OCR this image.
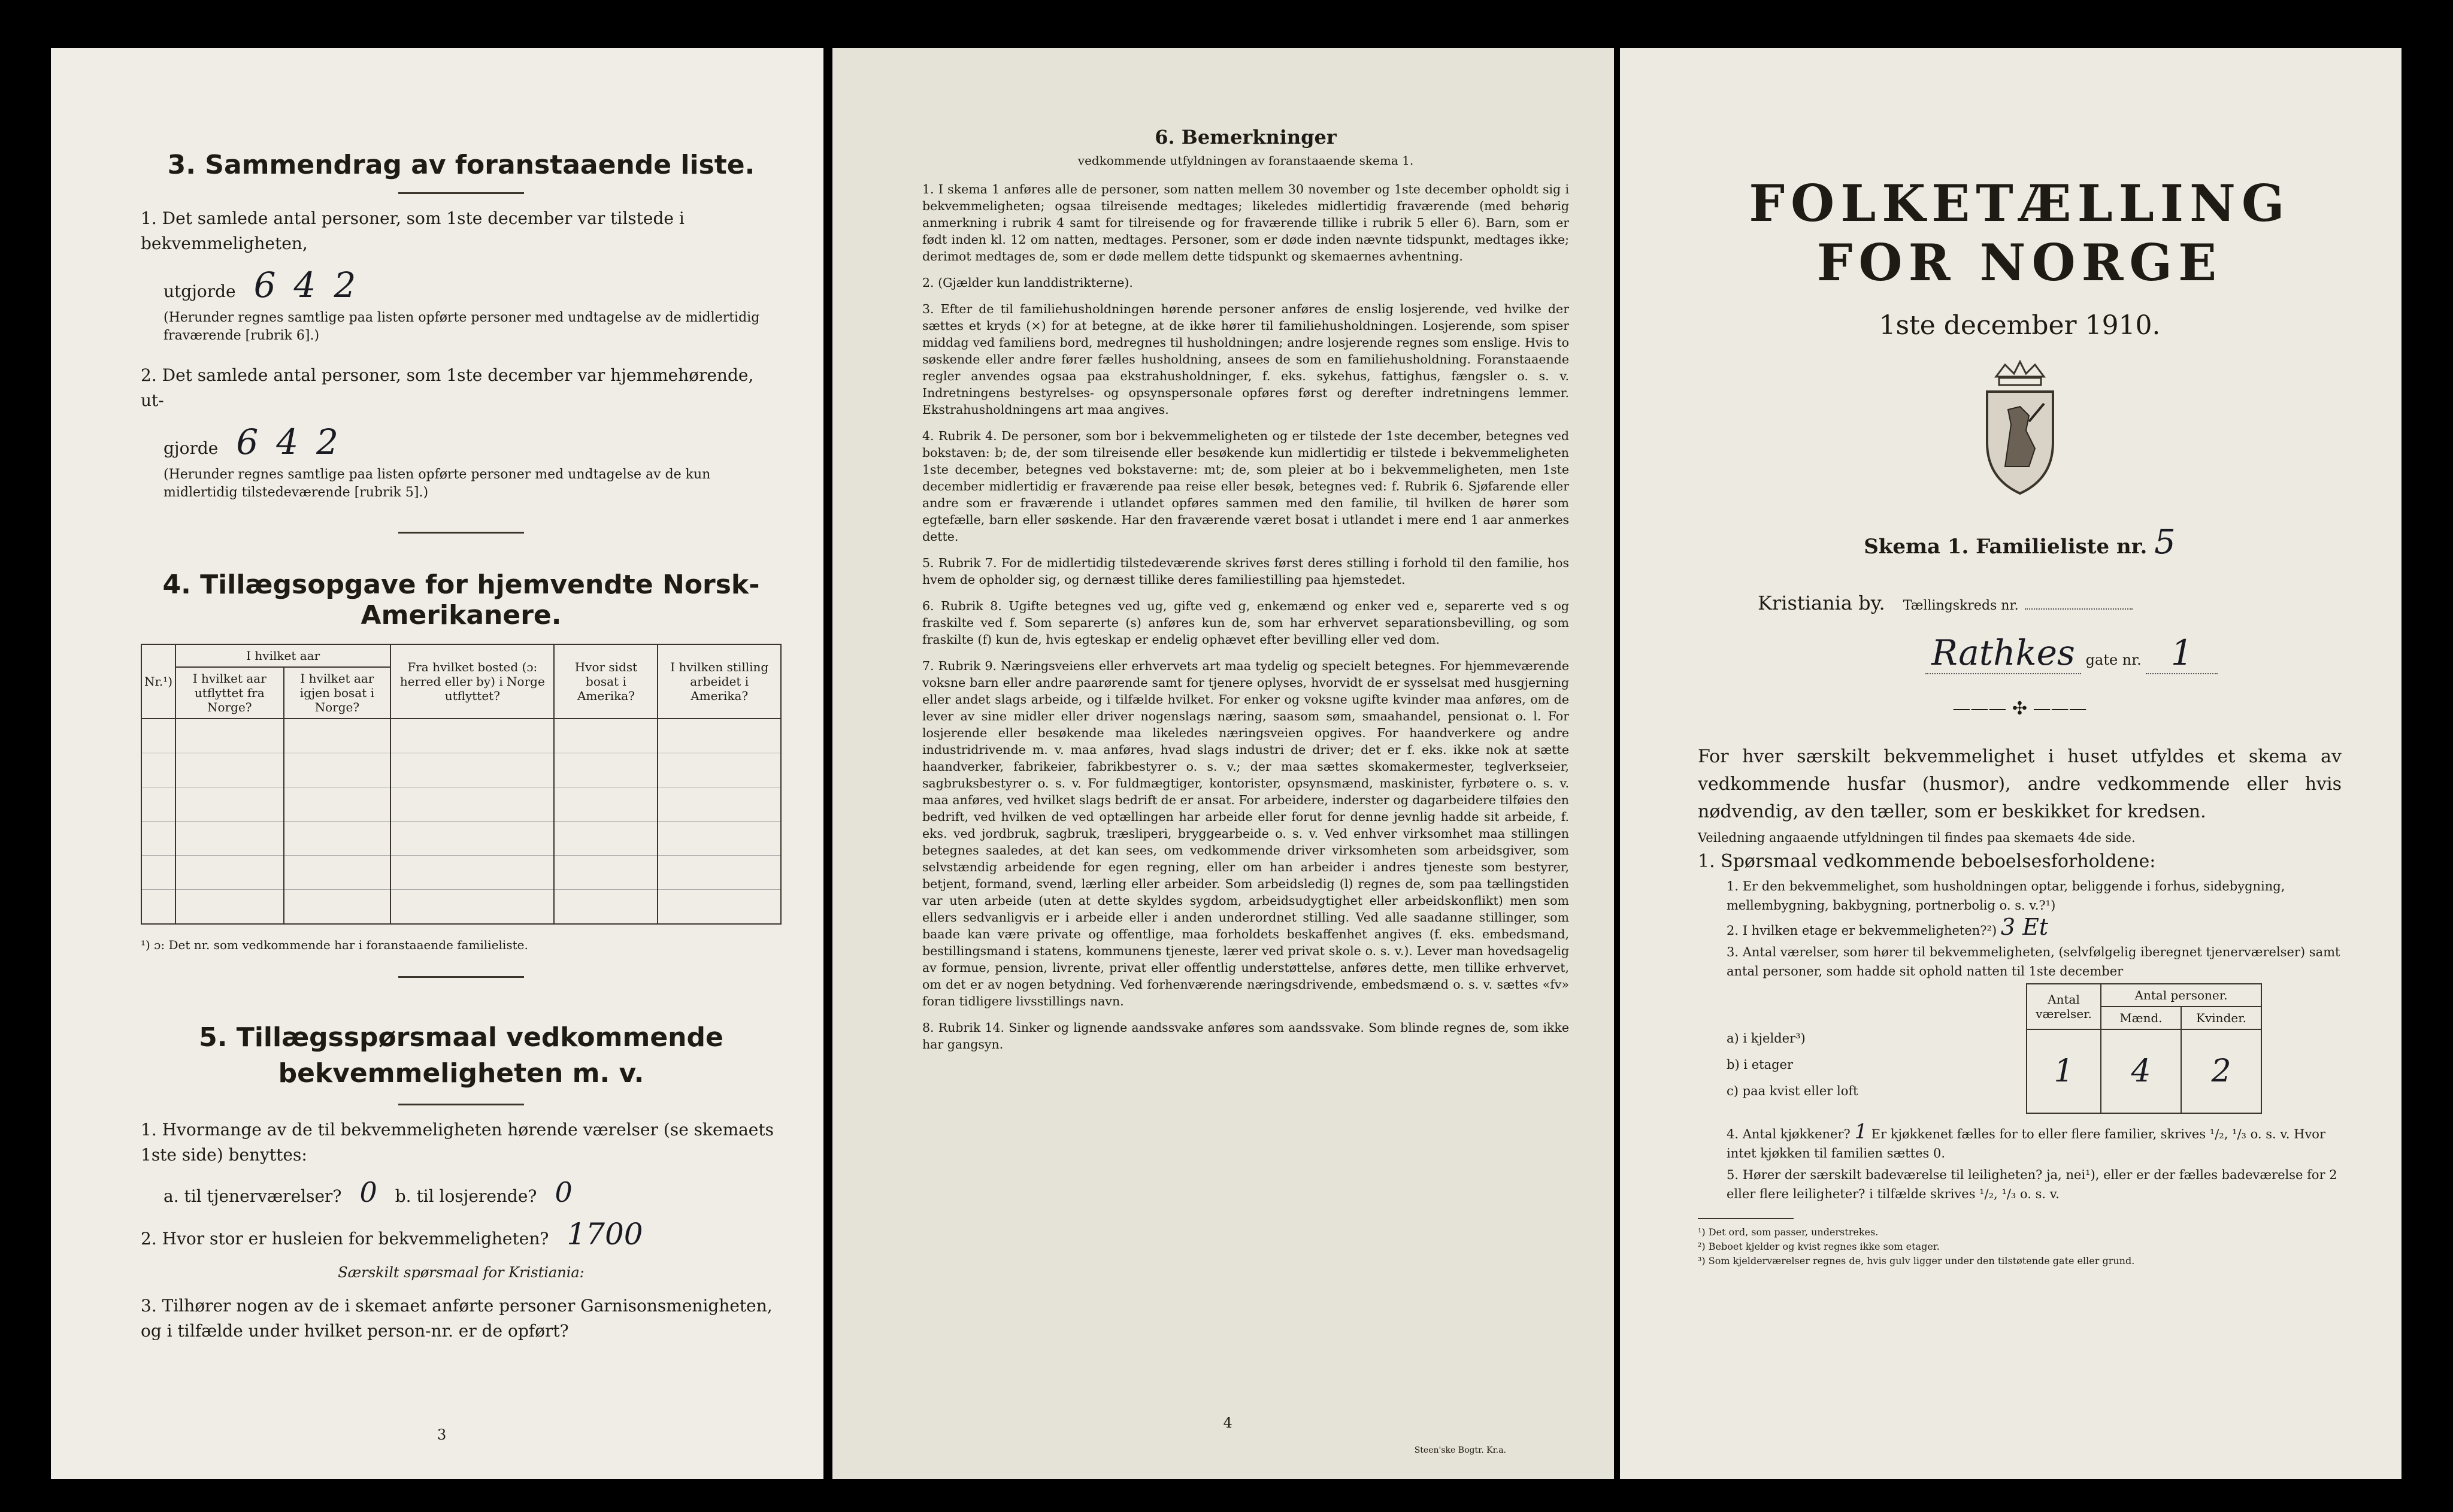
3. Sammendrag av foranstaaende liste.

1. Det samlede antal personer, som 1ste december var tilstede i bekvemmeligheten,

utgjorde 6 4 2

(Herunder regnes samtlige paa listen opførte personer med undtagelse av de midlertidig fraværende [rubrik 6].)

2. Det samlede antal personer, som 1ste december var hjemmehørende, ut-

gjorde 6 4 2

(Herunder regnes samtlige paa listen opførte personer med undtagelse av de kun midlertidig tilstedeværende [rubrik 5].)

4. Tillægsopgave for hjemvendte Norsk-Amerikanere.
Nr.¹)	I hvilket aar		Fra hvilket bosted (ɔ: herred eller by) i Norge utflyttet?	Hvor sidst bosat i Amerika?	I hvilken stilling arbeidet i Amerika?
	I hvilket aar utflyttet fra Norge?	I hvilket aar igjen bosat i Norge?			

¹) ɔ: Det nr. som vedkommende har i foranstaaende familieliste.

5. Tillægsspørsmaal vedkommende bekvemmeligheten m. v.

1. Hvormange av de til bekvemmeligheten hørende værelser (se skemaets 1ste side) benyttes:

a. til tjenerværelser? 0 b. til losjerende? 0
2. Hvor stor er husleien for bekvemmeligheten? 1700

Særskilt spørsmaal for Kristiania:

3. Tilhører nogen av de i skemaet anførte personer Garnisonsmenigheten, og i tilfælde under hvilket person-nr. er de opført?

3
6. Bemerkninger

vedkommende utfyldningen av foranstaaende skema 1.

1. I skema 1 anføres alle de personer, som natten mellem 30 november og 1ste december opholdt sig i bekvemmeligheten; ogsaa tilreisende medtages; likeledes midlertidig fraværende (med behørig anmerkning i rubrik 4 samt for tilreisende og for fraværende tillike i rubrik 5 eller 6). Barn, som er født inden kl. 12 om natten, medtages. Personer, som er døde inden nævnte tidspunkt, medtages ikke; derimot medtages de, som er døde mellem dette tidspunkt og skemaernes avhentning.

2. (Gjælder kun landdistrikterne).

3. Efter de til familiehusholdningen hørende personer anføres de enslig losjerende, ved hvilke der sættes et kryds (×) for at betegne, at de ikke hører til familiehusholdningen. Losjerende, som spiser middag ved familiens bord, medregnes til husholdningen; andre losjerende regnes som enslige. Hvis to søskende eller andre fører fælles husholdning, ansees de som en familiehusholdning. Foranstaaende regler anvendes ogsaa paa ekstrahusholdninger, f. eks. sykehus, fattighus, fængsler o. s. v. Indretningens bestyrelses- og opsynspersonale opføres først og derefter indretningens lemmer. Ekstrahusholdningens art maa angives.

4. Rubrik 4. De personer, som bor i bekvemmeligheten og er tilstede der 1ste december, betegnes ved bokstaven: b; de, der som tilreisende eller besøkende kun midlertidig er tilstede i bekvemmeligheten 1ste december, betegnes ved bokstaverne: mt; de, som pleier at bo i bekvemmeligheten, men 1ste december midlertidig er fraværende paa reise eller besøk, betegnes ved: f. Rubrik 6. Sjøfarende eller andre som er fraværende i utlandet opføres sammen med den familie, til hvilken de hører som egtefælle, barn eller søskende. Har den fraværende været bosat i utlandet i mere end 1 aar anmerkes dette.

5. Rubrik 7. For de midlertidig tilstedeværende skrives først deres stilling i forhold til den familie, hos hvem de opholder sig, og dernæst tillike deres familiestilling paa hjemstedet.

6. Rubrik 8. Ugifte betegnes ved ug, gifte ved g, enkemænd og enker ved e, separerte ved s og fraskilte ved f. Som separerte (s) anføres kun de, som har erhvervet separationsbevilling, og som fraskilte (f) kun de, hvis egteskap er endelig ophævet efter bevilling eller ved dom.

7. Rubrik 9. Næringsveiens eller erhvervets art maa tydelig og specielt betegnes. For hjemmeværende voksne barn eller andre paarørende samt for tjenere oplyses, hvorvidt de er sysselsat med husgjerning eller andet slags arbeide, og i tilfælde hvilket. For enker og voksne ugifte kvinder maa anføres, om de lever av sine midler eller driver nogenslags næring, saasom søm, smaahandel, pensionat o. l. For losjerende eller besøkende maa likeledes næringsveien opgives. For haandverkere og andre industridrivende m. v. maa anføres, hvad slags industri de driver; det er f. eks. ikke nok at sætte haandverker, fabrikeier, fabrikbestyrer o. s. v.; der maa sættes skomakermester, teglverkseier, sagbruksbestyrer o. s. v. For fuldmægtiger, kontorister, opsynsmænd, maskinister, fyrbøtere o. s. v. maa anføres, ved hvilket slags bedrift de er ansat. For arbeidere, inderster og dagarbeidere tilføies den bedrift, ved hvilken de ved optællingen har arbeide eller forut for denne jevnlig hadde sit arbeide, f. eks. ved jordbruk, sagbruk, træsliperi, bryggearbeide o. s. v. Ved enhver virksomhet maa stillingen betegnes saaledes, at det kan sees, om vedkommende driver virksomheten som arbeidsgiver, som selvstændig arbeidende for egen regning, eller om han arbeider i andres tjeneste som bestyrer, betjent, formand, svend, lærling eller arbeider. Som arbeidsledig (l) regnes de, som paa tællingstiden var uten arbeide (uten at dette skyldes sygdom, arbeidsudygtighet eller arbeidskonflikt) men som ellers sedvanligvis er i arbeide eller i anden underordnet stilling. Ved alle saadanne stillinger, som baade kan være private og offentlige, maa forholdets beskaffenhet angives (f. eks. embedsmand, bestillingsmand i statens, kommunens tjeneste, lærer ved privat skole o. s. v.). Lever man hovedsagelig av formue, pension, livrente, privat eller offentlig understøttelse, anføres dette, men tillike erhvervet, om det er av nogen betydning. Ved forhenværende næringsdrivende, embedsmænd o. s. v. sættes «fv» foran tidligere livsstillings navn.

8. Rubrik 14. Sinker og lignende aandssvake anføres som aandssvake. Som blinde regnes de, som ikke har gangsyn.

4
Steen'ske Bogtr. Kr.a.
FOLKETÆLLING FOR NORGE

1ste december 1910.

Skema 1. Familieliste nr. 5
Kristiania by. Tællingskreds nr.
Rathkes gate nr. 1
——— ✣ ———

For hver særskilt bekvemmelighet i huset utfyldes et skema av vedkommende husfar (husmor), andre vedkommende eller hvis nødvendig, av den tæller, som er beskikket for kredsen.

Veiledning angaaende utfyldningen til findes paa skemaets 4de side.

1. Spørsmaal vedkommende beboelsesforholdene:

1. Er den bekvemmelighet, som husholdningen optar, beliggende i forhus, sidebygning, mellembygning, bakbygning, portnerbolig o. s. v.?¹)

2. I hvilken etage er bekvemmeligheten?²) 3 Et

3. Antal værelser, som hører til bekvemmeligheten, (selvfølgelig iberegnet tjenerværelser) samt antal personer, som hadde sit ophold natten til 1ste december

a) i kjelder³)
b) i etager
c) paa kvist eller loft
Antal værelser.	Antal personer.	
	Mænd.	Kvinder.
1	4	2

4. Antal kjøkkener? 1 Er kjøkkenet fælles for to eller flere familier, skrives ¹/₂, ¹/₃ o. s. v. Hvor intet kjøkken til familien sættes 0.

5. Hører der særskilt badeværelse til leiligheten? ja, nei¹), eller er der fælles badeværelse for 2 eller flere leiligheter? i tilfælde skrives ¹/₂, ¹/₃ o. s. v.

¹) Det ord, som passer, understrekes.
²) Beboet kjelder og kvist regnes ikke som etager.
³) Som kjelderværelser regnes de, hvis gulv ligger under den tilstøtende gate eller grund.
